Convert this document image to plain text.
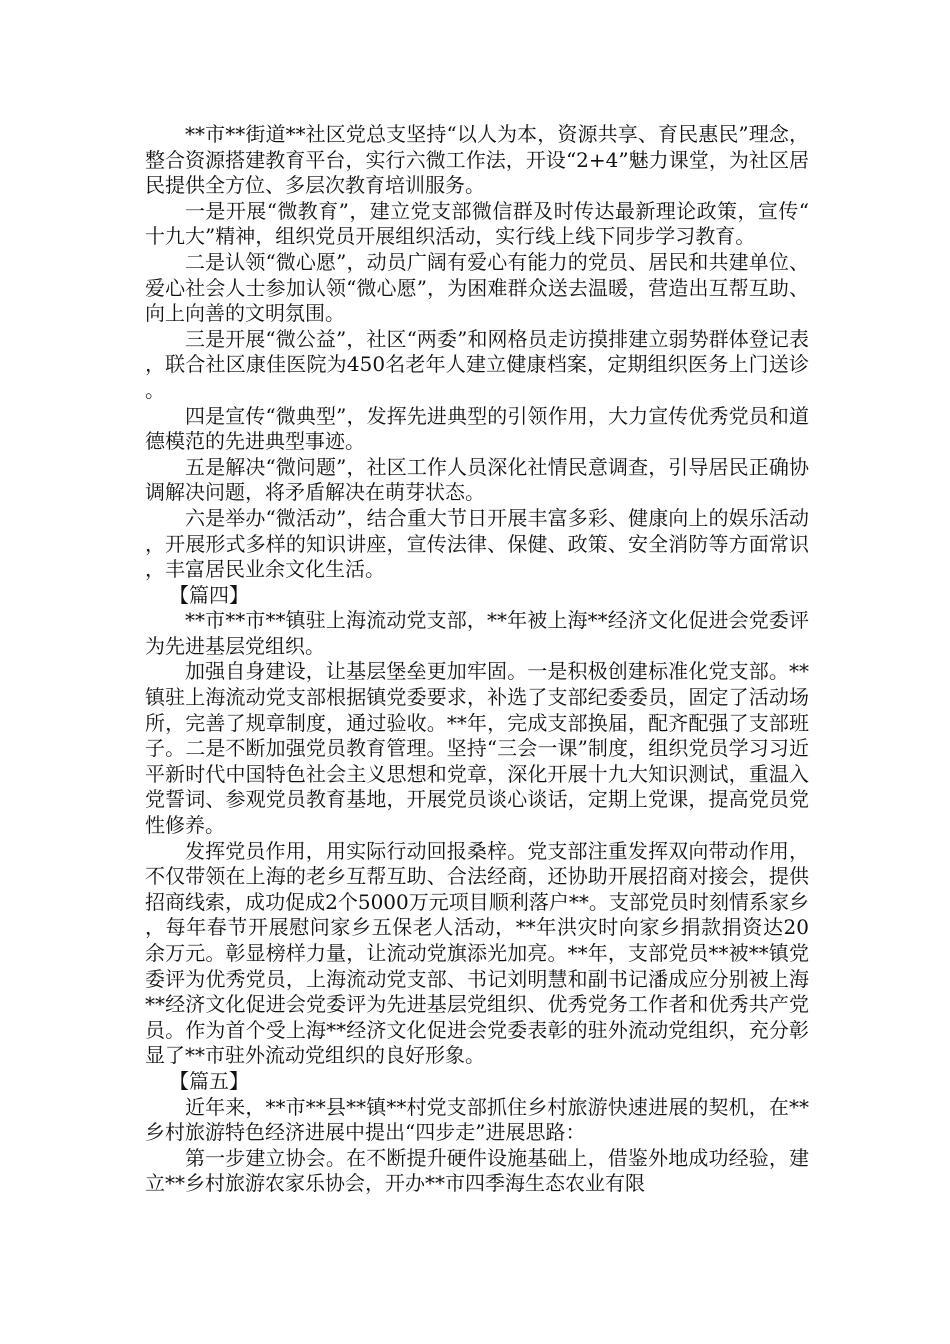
**市**街道**社区党总支坚持“以人为本，资源共享、育民惠民”理念，整合资源搭建教育平台，实行六微工作法，开设“2+4”魅力课堂，为社区居民提供全方位、多层次教育培训服务。

一是开展“微教育”，建立党支部微信群及时传达最新理论政策，宣传“十九大”精神，组织党员开展组织活动，实行线上线下同步学习教育。

二是认领“微心愿”，动员广阔有爱心有能力的党员、居民和共建单位、爱心社会人士参加认领“微心愿”，为困难群众送去温暖，营造出互帮互助、向上向善的文明氛围。

三是开展“微公益”，社区“两委”和网格员走访摸排建立弱势群体登记表，联合社区康佳医院为450名老年人建立健康档案，定期组织医务上门送诊。

四是宣传“微典型”，发挥先进典型的引领作用，大力宣传优秀党员和道德模范的先进典型事迹。

五是解决“微问题”，社区工作人员深化社情民意调查，引导居民正确协调解决问题，将矛盾解决在萌芽状态。

六是举办“微活动”，结合重大节日开展丰富多彩、健康向上的娱乐活动，开展形式多样的知识讲座，宣传法律、保健、政策、安全消防等方面常识，丰富居民业余文化生活。

【篇四】

**市**市**镇驻上海流动党支部，**年被上海**经济文化促进会党委评为先进基层党组织。

加强自身建设，让基层堡垒更加牢固。一是积极创建标准化党支部。**镇驻上海流动党支部根据镇党委要求，补选了支部纪委委员，固定了活动场所，完善了规章制度，通过验收。**年，完成支部换届，配齐配强了支部班子。二是不断加强党员教育管理。坚持“三会一课”制度，组织党员学习习近平新时代中国特色社会主义思想和党章，深化开展十九大知识测试，重温入党誓词、参观党员教育基地，开展党员谈心谈话，定期上党课，提高党员党性修养。

发挥党员作用，用实际行动回报桑梓。党支部注重发挥双向带动作用，不仅带领在上海的老乡互帮互助、合法经商，还协助开展招商对接会，提供招商线索，成功促成2个5000万元项目顺利落户**。支部党员时刻情系家乡，每年春节开展慰问家乡五保老人活动，**年洪灾时向家乡捐款捐资达20余万元。彰显榜样力量，让流动党旗添光加亮。**年，支部党员**被**镇党委评为优秀党员，上海流动党支部、书记刘明慧和副书记潘成应分别被上海**经济文化促进会党委评为先进基层党组织、优秀党务工作者和优秀共产党员。作为首个受上海**经济文化促进会党委表彰的驻外流动党组织，充分彰显了**市驻外流动党组织的良好形象。

【篇五】

近年来，**市**县**镇**村党支部抓住乡村旅游快速进展的契机，在**乡村旅游特色经济进展中提出“四步走”进展思路：

第一步建立协会。在不断提升硬件设施基础上，借鉴外地成功经验，建立**乡村旅游农家乐协会，开办**市四季海生态农业有限
